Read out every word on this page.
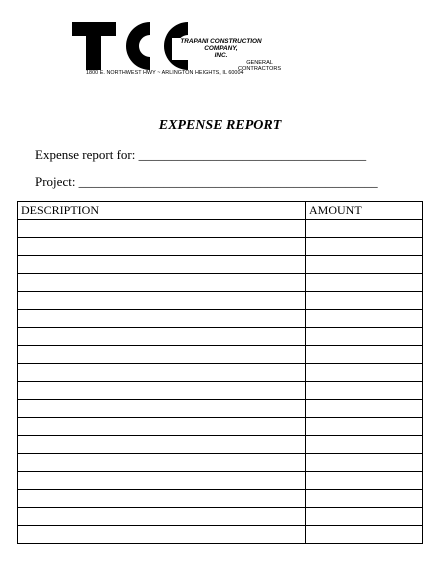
TRAPANI CONSTRUCTION
COMPANY,
INC.
GENERAL
CONTRACTORS
1800 E. NORTHWEST HWY ~ ARLINGTON HEIGHTS, IL 60004
EXPENSE REPORT
Expense report for: ___________________________________
Project: ______________________________________________
DESCRIPTION	AMOUNT
